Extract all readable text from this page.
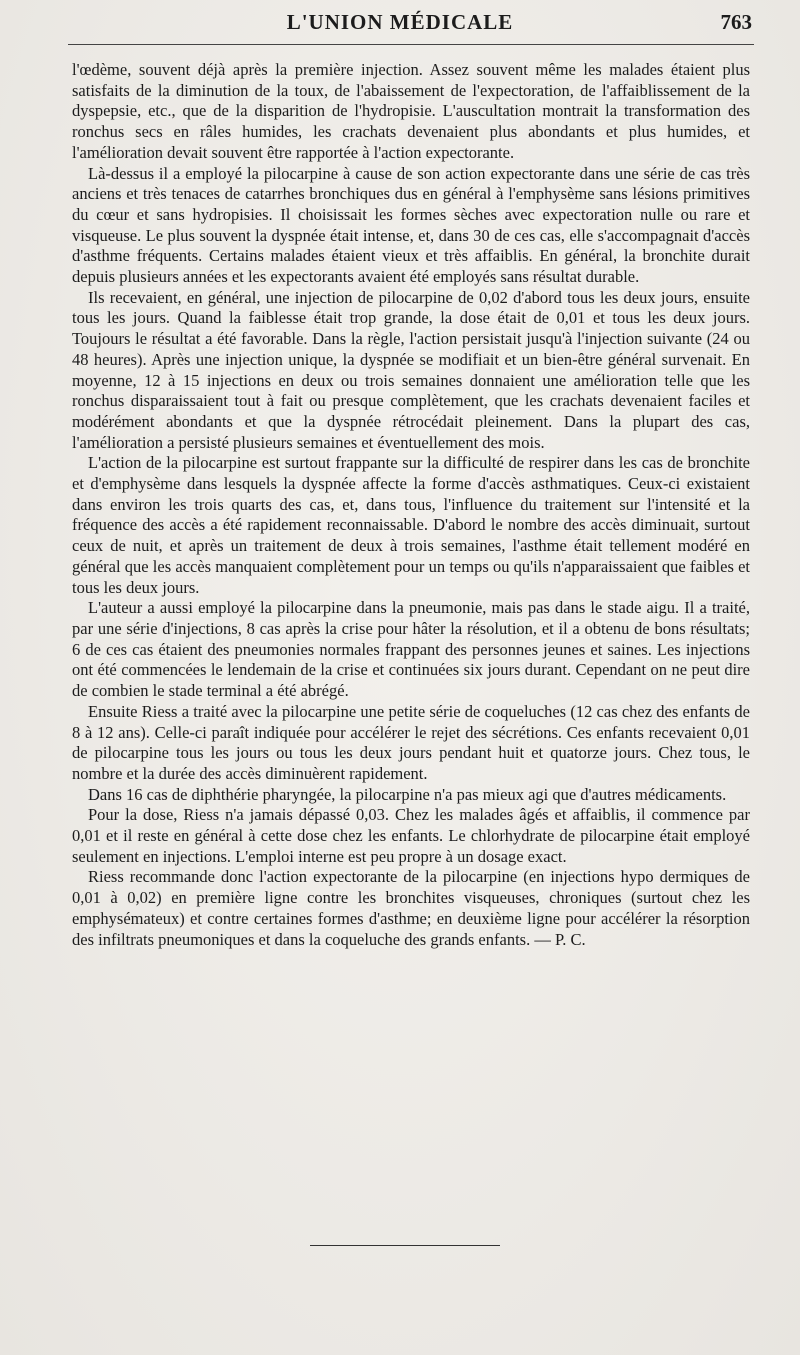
L'UNION MÉDICALE	763

l'œdème, souvent déjà après la première injection. Assez souvent même les malades étaient plus satisfaits de la diminution de la toux, de l'abaissement de l'expectoration, de l'affaiblissement de la dyspepsie, etc., que de la disparition de l'hydropisie. L'auscultation montrait la transformation des ronchus secs en râles humides, les crachats devenaient plus abondants et plus humides, et l'amélioration devait souvent être rapportée à l'action expectorante.

Là-dessus il a employé la pilocarpine à cause de son action expectorante dans une série de cas très anciens et très tenaces de catarrhes bronchiques dus en général à l'emphysème sans lésions primitives du cœur et sans hydropisies. Il choisissait les formes sèches avec expectoration nulle ou rare et visqueuse. Le plus souvent la dyspnée était intense, et, dans 30 de ces cas, elle s'accompagnait d'accès d'asthme fréquents. Certains malades étaient vieux et très affaiblis. En général, la bronchite durait depuis plusieurs années et les expectorants avaient été employés sans résultat durable.

Ils recevaient, en général, une injection de pilocarpine de 0,02 d'abord tous les deux jours, ensuite tous les jours. Quand la faiblesse était trop grande, la dose était de 0,01 et tous les deux jours. Toujours le résultat a été favorable. Dans la règle, l'action persistait jusqu'à l'injection suivante (24 ou 48 heures). Après une injection unique, la dyspnée se modifiait et un bien-être général survenait. En moyenne, 12 à 15 injections en deux ou trois semaines donnaient une amélioration telle que les ronchus disparaissaient tout à fait ou presque complètement, que les crachats devenaient faciles et modérément abondants et que la dyspnée rétrocédait pleinement. Dans la plupart des cas, l'amélioration a persisté plusieurs semaines et éventuellement des mois.

L'action de la pilocarpine est surtout frappante sur la difficulté de respirer dans les cas de bronchite et d'emphysème dans lesquels la dyspnée affecte la forme d'accès asthmatiques. Ceux-ci existaient dans environ les trois quarts des cas, et, dans tous, l'influence du traitement sur l'intensité et la fréquence des accès a été rapidement reconnaissable. D'abord le nombre des accès diminuait, surtout ceux de nuit, et après un traitement de deux à trois semaines, l'asthme était tellement modéré en général que les accès manquaient complètement pour un temps ou qu'ils n'apparaissaient que faibles et tous les deux jours.

L'auteur a aussi employé la pilocarpine dans la pneumonie, mais pas dans le stade aigu. Il a traité, par une série d'injections, 8 cas après la crise pour hâter la résolution, et il a obtenu de bons résultats; 6 de ces cas étaient des pneumonies normales frappant des personnes jeunes et saines. Les injections ont été commencées le lendemain de la crise et continuées six jours durant. Cependant on ne peut dire de combien le stade terminal a été abrégé.

Ensuite Riess a traité avec la pilocarpine une petite série de coqueluches (12 cas chez des enfants de 8 à 12 ans). Celle-ci paraît indiquée pour accélérer le rejet des sécrétions. Ces enfants recevaient 0,01 de pilocarpine tous les jours ou tous les deux jours pendant huit et quatorze jours. Chez tous, le nombre et la durée des accès diminuèrent rapidement.

Dans 16 cas de diphthérie pharyngée, la pilocarpine n'a pas mieux agi que d'autres médicaments.

Pour la dose, Riess n'a jamais dépassé 0,03. Chez les malades âgés et affaiblis, il commence par 0,01 et il reste en général à cette dose chez les enfants. Le chlorhydrate de pilocarpine était employé seulement en injections. L'emploi interne est peu propre à un dosage exact.

Riess recommande donc l'action expectorante de la pilocarpine (en injections hypo dermiques de 0,01 à 0,02) en première ligne contre les bronchites visqueuses, chroniques (surtout chez les emphysémateux) et contre certaines formes d'asthme; en deuxième ligne pour accélérer la résorption des infiltrats pneumoniques et dans la coqueluche des grands enfants. — P. C.
